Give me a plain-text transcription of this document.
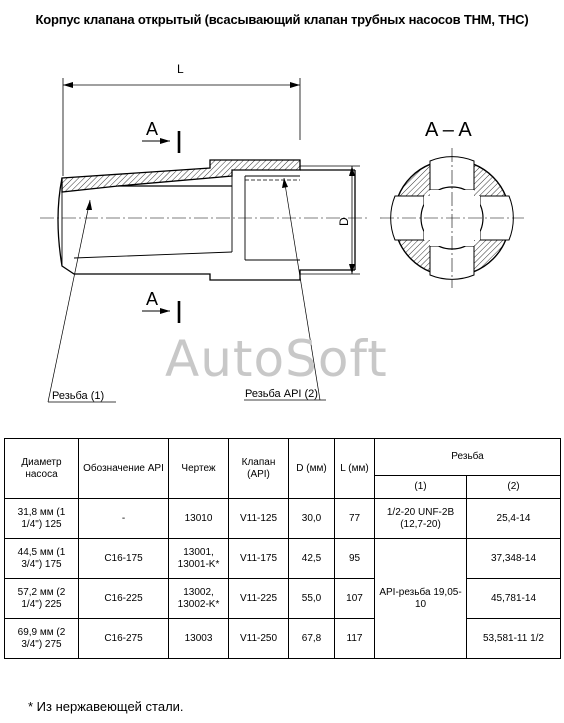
Корпус клапана открытый (всасывающий клапан трубных насосов ТНМ, ТНС)
L
A
A
D
Резьба (1)	Резьба API (2)
A – A
AutoSoft
Диаметр насоса	Обозначение API	Чертеж	Клапан (API)	D (мм)	L (мм)	Резьба	
						(1)	(2)
31,8 мм (1 1/4") 125	-	13010	V11-125	30,0	77	1/2-20 UNF-2B (12,7-20)	25,4-14
44,5 мм (1 3/4") 175	C16-175	13001, 13001-K*	V11-175	42,5	95	API-резьба 19,05-10	37,348-14
57,2 мм (2 1/4") 225	C16-225	13002, 13002-K*	V11-225	55,0	107		45,781-14
69,9 мм (2 3/4") 275	C16-275	13003	V11-250	67,8	117		53,581-11 1/2
* Из нержавеющей стали.
